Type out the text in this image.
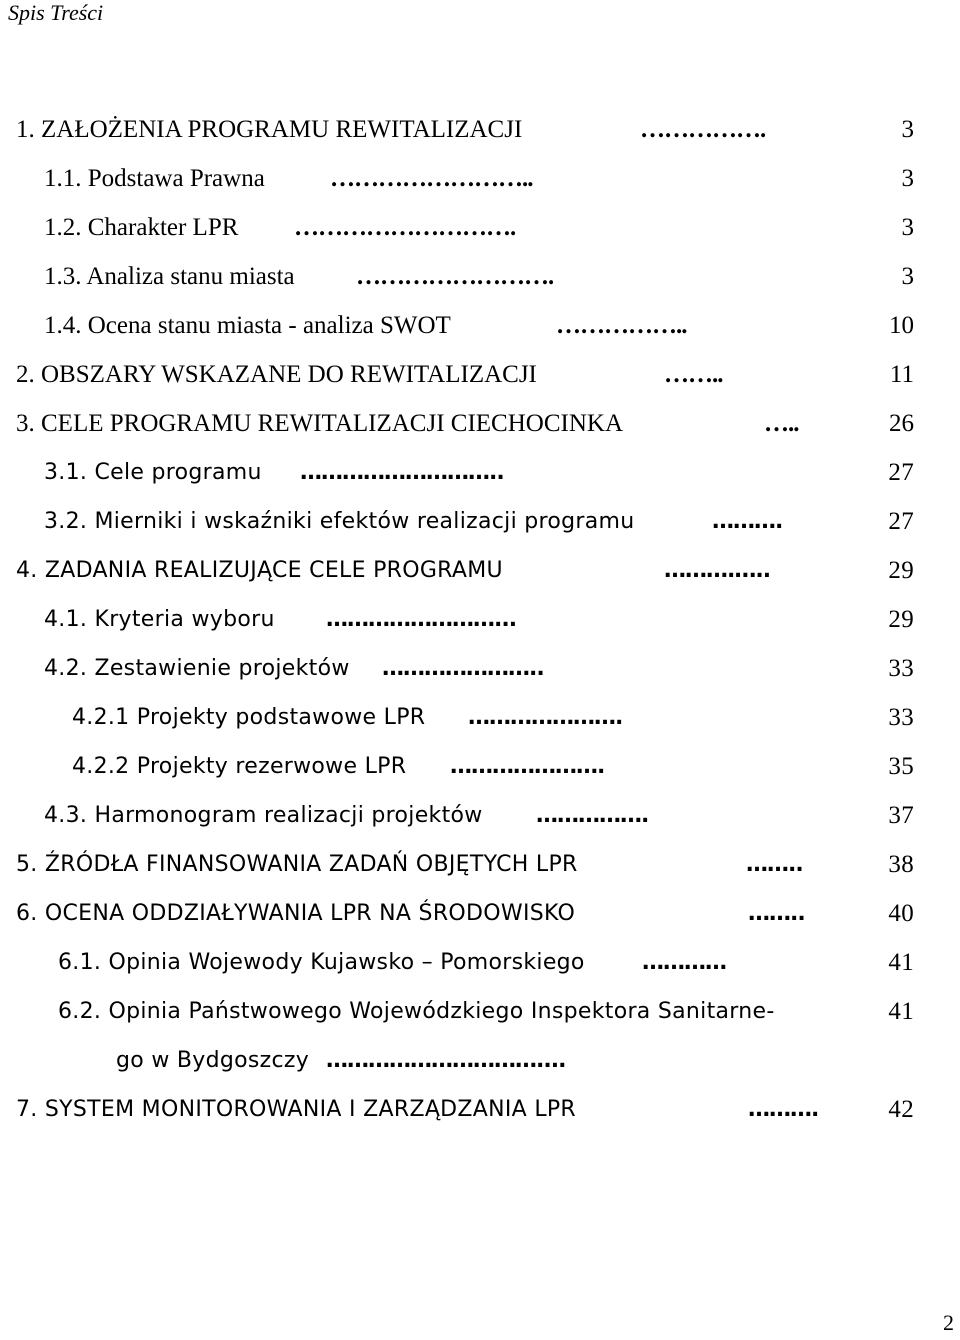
Spis Treści
1. ZAŁOŻENIA PROGRAMU REWITALIZACJI	…………….	3
1.1. Podstawa Prawna	……………………..	3
1.2. Charakter LPR ……………………….	3
1.3. Analiza stanu miasta …………………….	3
1.4. Ocena stanu miasta - analiza SWOT	……………..	10
2. OBSZARY WSKAZANE DO REWITALIZACJI	……..	11
3. CELE PROGRAMU REWITALIZACJI CIECHOCINKA	…..	26
3.1. Cele programu ………………………..	27
3.2. Mierniki i wskaźniki efektów realizacji programu	……….	27
4. ZADANIA REALIZUJĄCE CELE PROGRAMU	……….…..	29
4.1. Kryteria wyboru ……………………...	29
4.2. Zestawienie projektów …………………..	33
4.2.1 Projekty podstawowe LPR ………………….	33
4.2.2 Projekty rezerwowe LPR ………………….	35
4.3. Harmonogram realizacji projektów …………….	37
5. ŹRÓDŁA FINANSOWANIA ZADAŃ OBJĘTYCH LPR	……..	38
6. OCENA ODDZIAŁYWANIA LPR NA ŚRODOWISKO	……..	40
6.1. Opinia Wojewody Kujawsko – Pomorskiego	…………	41
6.2. Opinia Państwowego Wojewódzkiego Inspektora Sanitarne-	41
go w Bydgoszczy …………………………....
7. SYSTEM MONITOROWANIA I ZARZĄDZANIA LPR	……….	42
2
